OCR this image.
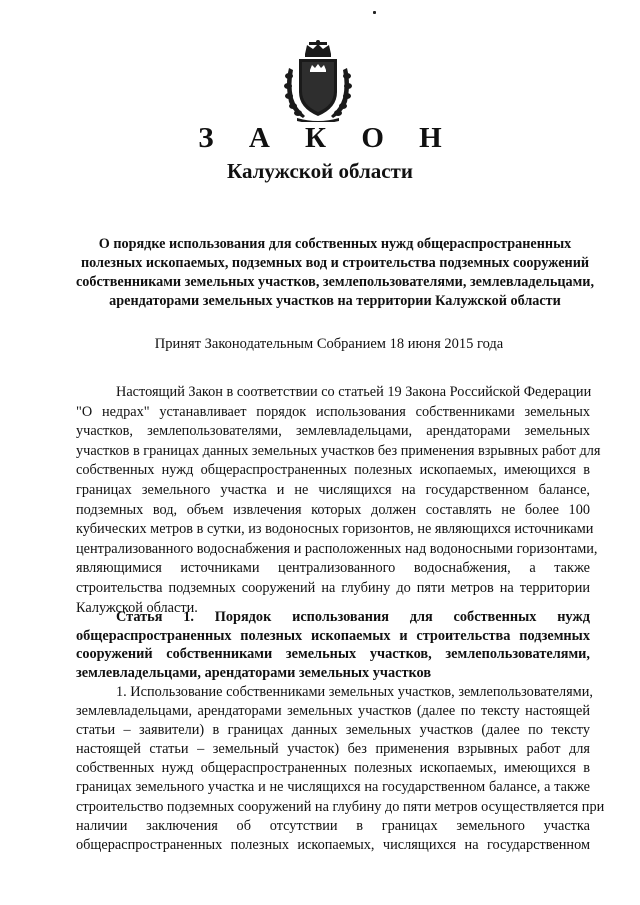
З А К О Н
Калужской области
О порядке использования для собственных нужд общераспространенных
полезных ископаемых, подземных вод и строительства подземных сооружений
собственниками земельных участков, землепользователями, землевладельцами,
арендаторами земельных участков на территории Калужской области
Принят Законодательным Собранием 18 июня 2015 года
Настоящий Закон в соответствии со статьей 19 Закона Российской Федерации
"О недрах" устанавливает порядок использования собственниками земельных
участков, землепользователями, землевладельцами, арендаторами земельных
участков в границах данных земельных участков без применения взрывных работ для
собственных нужд общераспространенных полезных ископаемых, имеющихся в
границах земельного участка и не числящихся на государственном балансе,
подземных вод, объем извлечения которых должен составлять не более 100
кубических метров в сутки, из водоносных горизонтов, не являющихся источниками
централизованного водоснабжения и расположенных над водоносными горизонтами,
являющимися источниками централизованного водоснабжения, а также
строительства подземных сооружений на глубину до пяти метров на территории
Калужской области.
Статья 1. Порядок использования для собственных нужд
общераспространенных полезных ископаемых и строительства подземных
сооружений собственниками земельных участков, землепользователями,
землевладельцами, арендаторами земельных участков
1. Использование собственниками земельных участков, землепользователями,
землевладельцами, арендаторами земельных участков (далее по тексту настоящей
статьи – заявители) в границах данных земельных участков (далее по тексту
настоящей статьи – земельный участок) без применения взрывных работ для
собственных нужд общераспространенных полезных ископаемых, имеющихся в
границах земельного участка и не числящихся на государственном балансе, а также
строительство подземных сооружений на глубину до пяти метров осуществляется при
наличии заключения об отсутствии в границах земельного участка
общераспространенных полезных ископаемых, числящихся на государственном
